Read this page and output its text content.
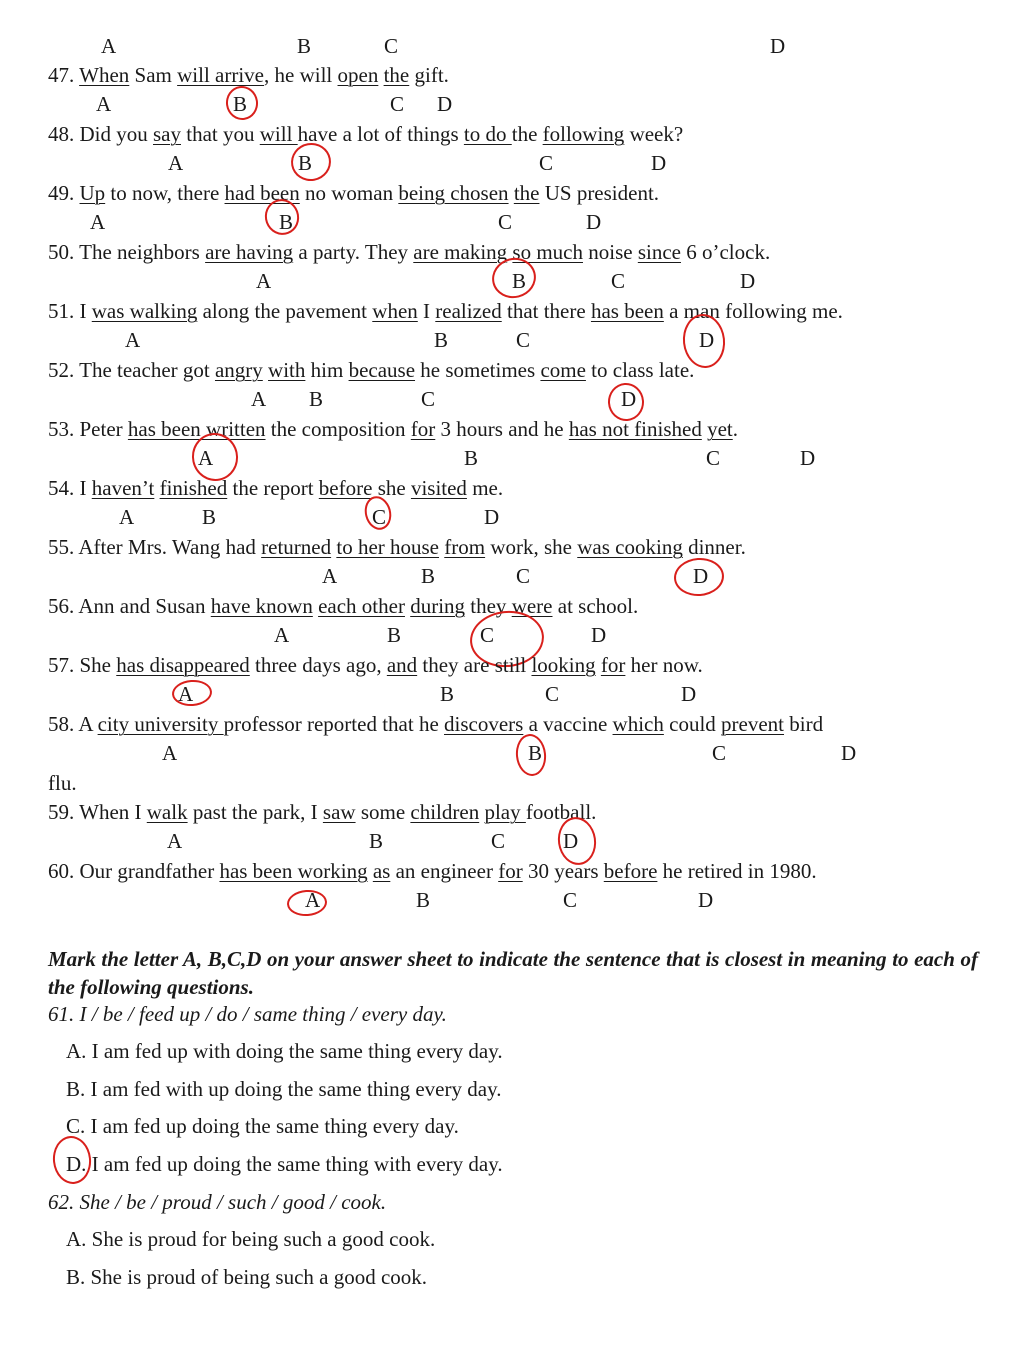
A	B	C	D
47. When Sam will arrive, he will open the gift.
A	B	C D
48. Did you say that you will have a lot of things to do the following week?
A	B	C	D
49. Up to now, there had been no woman being chosen the US president.
A	B	C	D
50. The neighbors are having a party. They are making so much noise since 6 o’clock.
A	B	C	D
51. I was walking along the pavement when I realized that there has been a man following me.
A	B	C	D
52. The teacher got angry with him because he sometimes come to class late.
A B	C	D
53. Peter has been written the composition for 3 hours and he has not finished yet.
A	B	C	D
54. I haven’t finished the report before she visited me.
A	B	C	D
55. After Mrs. Wang had returned to her house from work, she was cooking dinner.
A	B	C	D
56. Ann and Susan have known each other during they were at school.
A	B	C	D
57. She has disappeared three days ago, and they are still looking for her now.
A	B	C	D
58. A city university professor reported that he discovers a vaccine which could prevent bird
flu.
A	B	C	D
59. When I walk past the park, I saw some children play football.
A	B	C	D
60. Our grandfather has been working as an engineer for 30 years before he retired in 1980.
A	B	C	D
Mark the letter A, B,C,D on your answer sheet to indicate the sentence that is closest in meaning to each of the following questions.
61. I / be / feed up / do / same thing / every day.
A. I am fed up with doing the same thing every day.
B. I am fed with up doing the same thing every day.
C. I am fed up doing the same thing every day.
D. I am fed up doing the same thing with every day.
62. She / be / proud / such / good / cook.
A. She is proud for being such a good cook.
B. She is proud of being such a good cook.
